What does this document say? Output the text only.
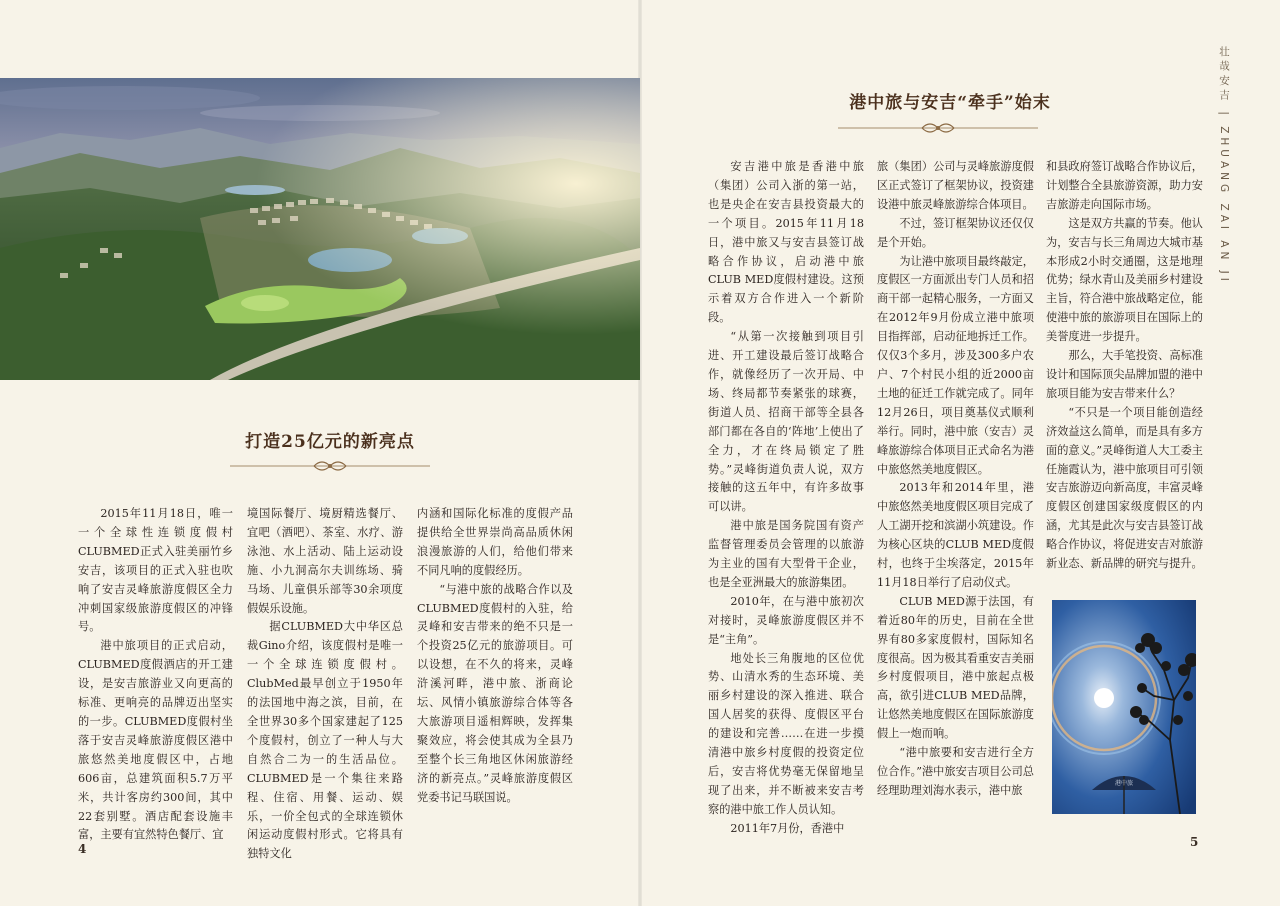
打造25亿元的新亮点

2015年11月18日，唯一一个全球性连锁度假村CLUBMED正式入驻美丽竹乡安吉，该项目的正式入驻也吹响了安吉灵峰旅游度假区全力冲刺国家级旅游度假区的冲锋号。

港中旅项目的正式启动，CLUBMED度假酒店的开工建设，是安吉旅游业又向更高的标准、更响亮的品牌迈出坚实的一步。CLUBMED度假村坐落于安吉灵峰旅游度假区港中旅悠然美地度假区中，占地606亩，总建筑面积5.7万平米，共计客房约300间，其中22套别墅。酒店配套设施丰富，主要有宜然特色餐厅、宜

境国际餐厅、境厨精选餐厅、宜吧（酒吧）、茶室、水疗、游泳池、水上活动、陆上运动设施、小九洞高尔夫训练场、骑马场、儿童俱乐部等30余项度假娱乐设施。

据CLUBMED大中华区总裁Gino介绍，该度假村是唯一一个全球连锁度假村。ClubMed最早创立于1950年的法国地中海之滨，目前，在全世界30多个国家建起了125个度假村，创立了一种人与大自然合二为一的生活品位。CLUBMED是一个集往来路程、住宿、用餐、运动、娱乐，一价全包式的全球连锁休闲运动度假村形式。它将具有独特文化

内涵和国际化标准的度假产品提供给全世界崇尚高品质休闲浪漫旅游的人们，给他们带来不同凡响的度假经历。

“与港中旅的战略合作以及CLUBMED度假村的入驻，给灵峰和安吉带来的绝不只是一个投资25亿元的旅游项目。可以设想，在不久的将来，灵峰浒溪河畔，港中旅、浙商论坛、风情小镇旅游综合体等各大旅游项目遥相辉映，发挥集聚效应，将会使其成为全县乃至整个长三角地区休闲旅游经济的新亮点。”灵峰旅游度假区党委书记马联国说。

4
港中旅与安吉“牵手”始末

安吉港中旅是香港中旅（集团）公司入浙的第一站，也是央企在安吉县投资最大的一个项目。2015年11月18日，港中旅又与安吉县签订战略合作协议，启动港中旅CLUB MED度假村建设。这预示着双方合作进入一个新阶段。

“从第一次接触到项目引进、开工建设最后签订战略合作，就像经历了一次开局、中场、终局都节奏紧张的球赛，街道人员、招商干部等全县各部门都在各自的‘阵地’上使出了全力，才在终局锁定了胜势。”灵峰街道负责人说，双方接触的这五年中，有许多故事可以讲。

港中旅是国务院国有资产监督管理委员会管理的以旅游为主业的国有大型骨干企业，也是全亚洲最大的旅游集团。

2010年，在与港中旅初次对接时，灵峰旅游度假区并不是“主角”。

地处长三角腹地的区位优势、山清水秀的生态环境、美丽乡村建设的深入推进、联合国人居奖的获得、度假区平台的建设和完善……在进一步摸清港中旅乡村度假的投资定位后，安吉将优势毫无保留地呈现了出来，并不断被来安吉考察的港中旅工作人员认知。

2011年7月份，香港中

旅（集团）公司与灵峰旅游度假区正式签订了框架协议，投资建设港中旅灵峰旅游综合体项目。

不过，签订框架协议还仅仅是个开始。

为让港中旅项目最终敲定，度假区一方面派出专门人员和招商干部一起精心服务，一方面又在2012年9月份成立港中旅项目指挥部，启动征地拆迁工作。仅仅3个多月，涉及300多户农户、7个村民小组的近2000亩土地的征迁工作就完成了。同年12月26日，项目奠基仪式顺利举行。同时，港中旅（安吉）灵峰旅游综合体项目正式命名为港中旅悠然美地度假区。

2013年和2014年里，港中旅悠然美地度假区项目完成了人工湖开挖和滨湖小筑建设。作为核心区块的CLUB MED度假村，也终于尘埃落定，2015年11月18日举行了启动仪式。

CLUB MED源于法国，有着近80年的历史，目前在全世界有80多家度假村，国际知名度很高。因为极其看重安吉美丽乡村度假项目，港中旅起点极高，欲引进CLUB MED品牌，让悠然美地度假区在国际旅游度假上一炮而响。

“港中旅要和安吉进行全方位合作。”港中旅安吉项目公司总经理助理刘海水表示，港中旅

和县政府签订战略合作协议后，计划整合全县旅游资源，助力安吉旅游走向国际市场。

这是双方共赢的节奏。他认为，安吉与长三角周边大城市基本形成2小时交通圈，这是地理优势；绿水青山及美丽乡村建设主旨，符合港中旅战略定位，能使港中旅的旅游项目在国际上的美誉度进一步提升。

那么，大手笔投资、高标准设计和国际顶尖品牌加盟的港中旅项目能为安吉带来什么？

“不只是一个项目能创造经济效益这么简单，而是具有多方面的意义。”灵峰街道人大工委主任施霞认为，港中旅项目可引领安吉旅游迈向新高度，丰富灵峰度假区创建国家级度假区的内涵，尤其是此次与安吉县签订战略合作协议，将促进安吉对旅游新业态、新品牌的研究与提升。

港中旅
5
壮哉安吉 | ZHUANG ZAI AN JI
